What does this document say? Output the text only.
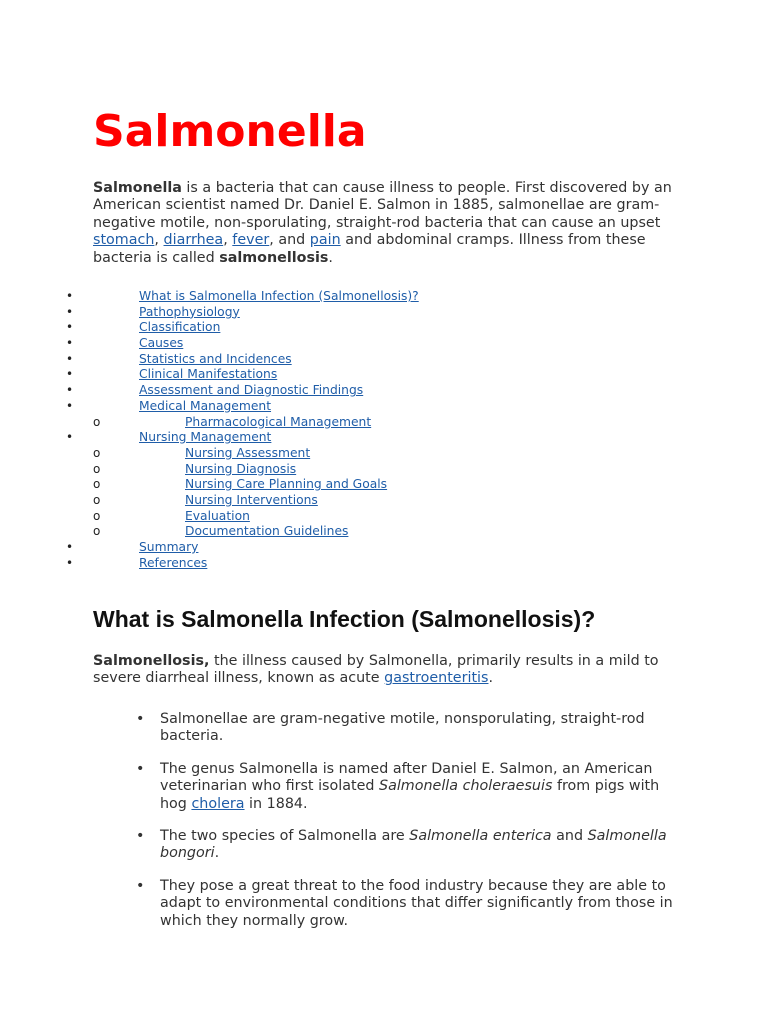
Salmonella

Salmonella is a bacteria that can cause illness to people. First discovered by an American scientist named Dr. Daniel E. Salmon in 1885, salmonellae are gram-negative motile, non-sporulating, straight-rod bacteria that can cause an upset stomach, diarrhea, fever, and pain and abdominal cramps. Illness from these bacteria is called salmonellosis.

•	What is Salmonella Infection (Salmonellosis)?
•	Pathophysiology
•	Classification
•	Causes
•	Statistics and Incidences
•	Clinical Manifestations
•	Assessment and Diagnostic Findings
•	Medical Management
o	Pharmacological Management
•	Nursing Management
o	Nursing Assessment
o	Nursing Diagnosis
o	Nursing Care Planning and Goals
o	Nursing Interventions
o	Evaluation
o	Documentation Guidelines
•	Summary
•	References
What is Salmonella Infection (Salmonellosis)?

Salmonellosis, the illness caused by Salmonella, primarily results in a mild to severe diarrheal illness, known as acute gastroenteritis.

• Salmonellae are gram-negative motile, nonsporulating, straight-rod bacteria.
• The genus Salmonella is named after Daniel E. Salmon, an American veterinarian who first isolated Salmonella choleraesuis from pigs with hog cholera in 1884.
• The two species of Salmonella are Salmonella enterica and Salmonella bongori.
• They pose a great threat to the food industry because they are able to adapt to environmental conditions that differ significantly from those in which they normally grow.
